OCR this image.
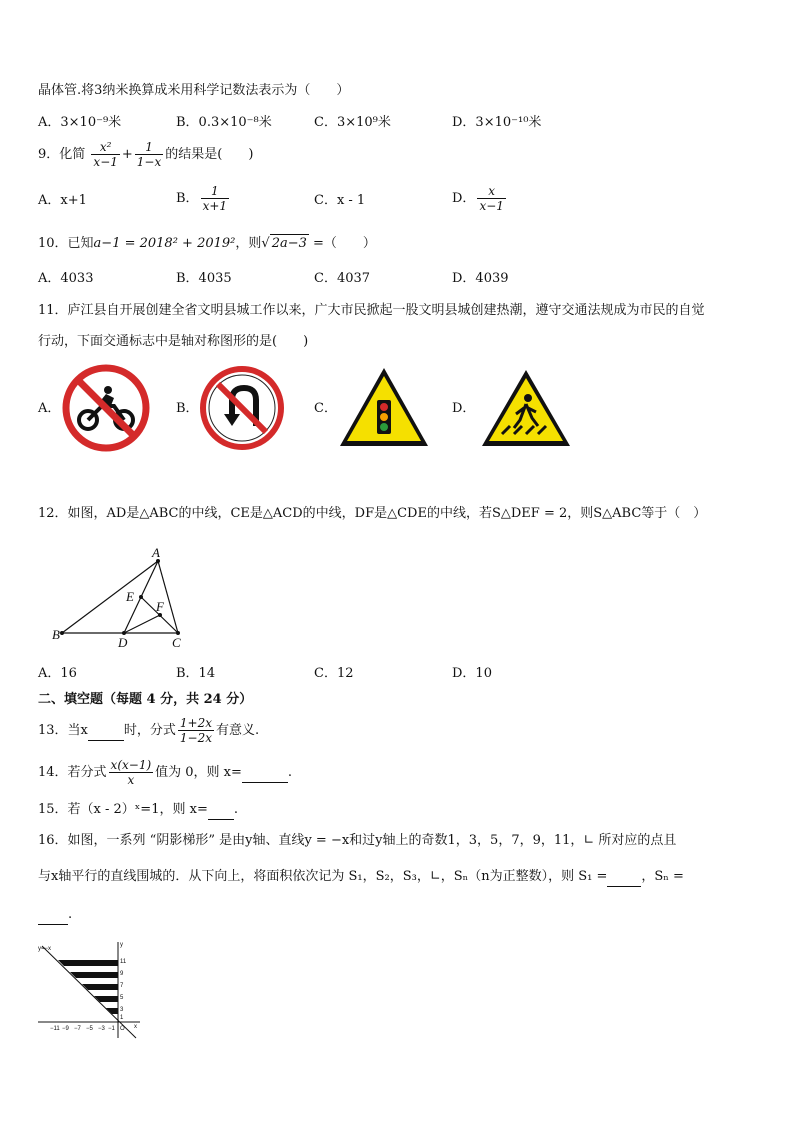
晶体管.将3纳米换算成米用科学记数法表示为（　　）
A．3×10⁻⁹米	B．0.3×10⁻⁸米	C．3×10⁹米	D．3×10⁻¹⁰米
9．化简 $\frac{\text{x²}}{x-1} + \frac{1}{1-x}$ 的结果是(　　)
A．x+1	B． $\frac{1}{x+1}$	C．x - 1	D． $\frac{x}{x-1}$
10．已知a−1 = 2018² + 2019²，则√ 2a−3 =（　　）
A．4033	B．4035	C．4037	D．4039
11．庐江县自开展创建全省文明县城工作以来，广大市民掀起一股文明县城创建热潮，遵守交通法规成为市民的自觉
行动，下面交通标志中是轴对称图形的是(　　)
A．	B．	C．	D．
12．如图，AD是△ABC的中线，CE是△ACD的中线，DF是△CDE的中线，若S△DEF = 2，则S△ABC等于（　）
A
B
C
D
E
F
A．16	B．14	C．12	D．10
二、填空题（每题 4 分，共 24 分）
13．当x	时，分式 $\frac{1+2x}{1-2x}$ 有意义.
14．若分式 $\frac{x(x-1)}{x}$ 值为 0，则 x=	.
15．若（x - 2）ˣ=1，则 x= .
16．如图，一系列 “阴影梯形” 是由y轴、直线y = −x和过y轴上的奇数1，3，5，7，9，11，∟ 所对应的点且
与x轴平行的直线围城的．从下向上，将面积依次记为 S₁，S₂，S₃，∟，Sₙ（n为正整数），则 S₁ =	，Sₙ =
.
y=−x
y
x
O
11
9
7
5
3
1
−11 −9 −7 −5 −3 −1
